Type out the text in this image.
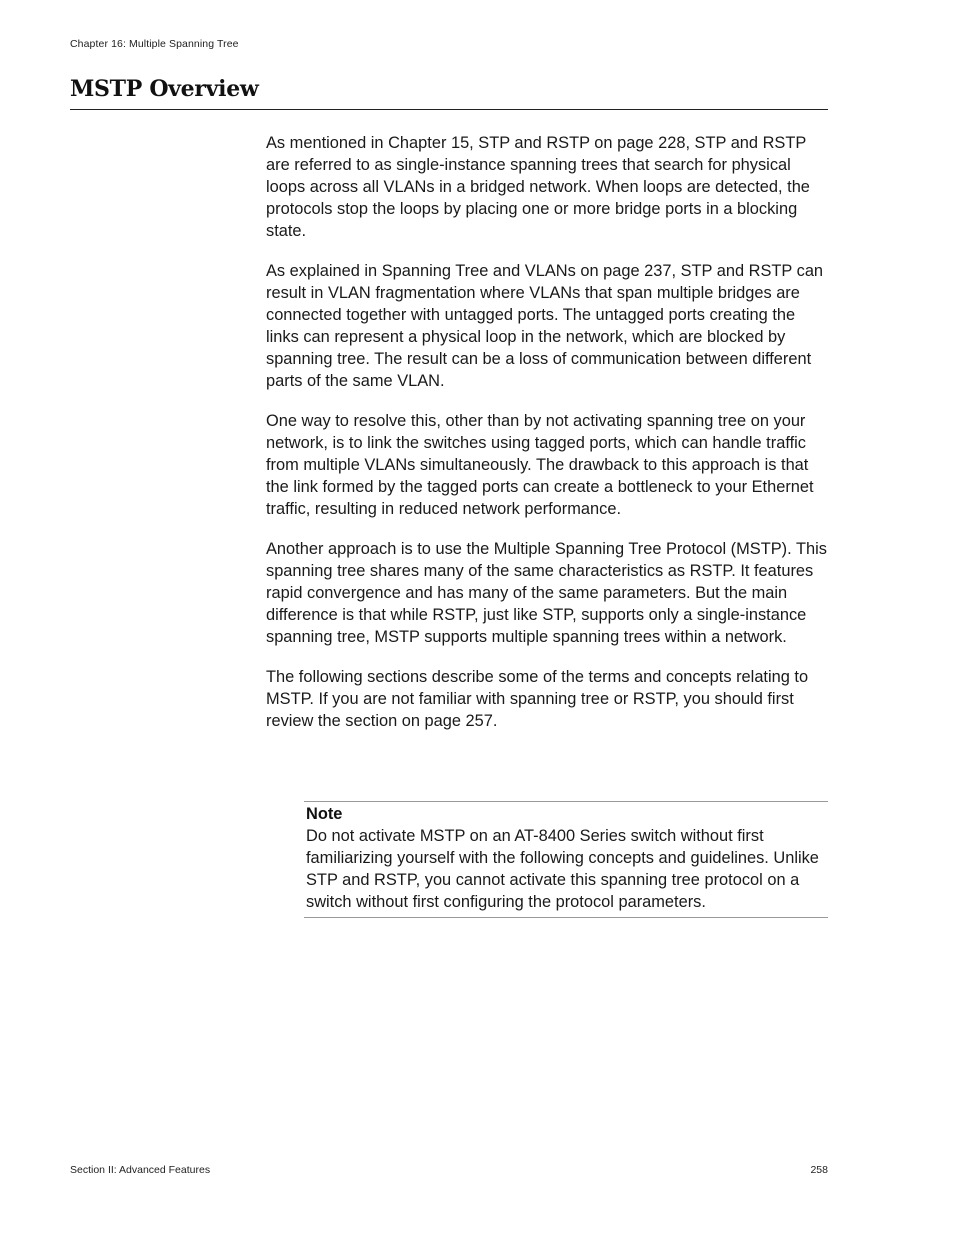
Chapter 16: Multiple Spanning Tree
MSTP Overview

As mentioned in Chapter 15, STP and RSTP on page 228, STP and RSTP are referred to as single-instance spanning trees that search for physical loops across all VLANs in a bridged network. When loops are detected, the protocols stop the loops by placing one or more bridge ports in a blocking state.

As explained in Spanning Tree and VLANs on page 237, STP and RSTP can result in VLAN fragmentation where VLANs that span multiple bridges are connected together with untagged ports. The untagged ports creating the links can represent a physical loop in the network, which are blocked by spanning tree. The result can be a loss of communication between different parts of the same VLAN.

One way to resolve this, other than by not activating spanning tree on your network, is to link the switches using tagged ports, which can handle traffic from multiple VLANs simultaneously. The drawback to this approach is that the link formed by the tagged ports can create a bottleneck to your Ethernet traffic, resulting in reduced network performance.

Another approach is to use the Multiple Spanning Tree Protocol (MSTP). This spanning tree shares many of the same characteristics as RSTP. It features rapid convergence and has many of the same parameters. But the main difference is that while RSTP, just like STP, supports only a single-instance spanning tree, MSTP supports multiple spanning trees within a network.

The following sections describe some of the terms and concepts relating to MSTP. If you are not familiar with spanning tree or RSTP, you should first review the section on page 257.

Note

Do not activate MSTP on an AT-8400 Series switch without first familiarizing yourself with the following concepts and guidelines. Unlike STP and RSTP, you cannot activate this spanning tree protocol on a switch without first configuring the protocol parameters.

Section II: Advanced Features	258
